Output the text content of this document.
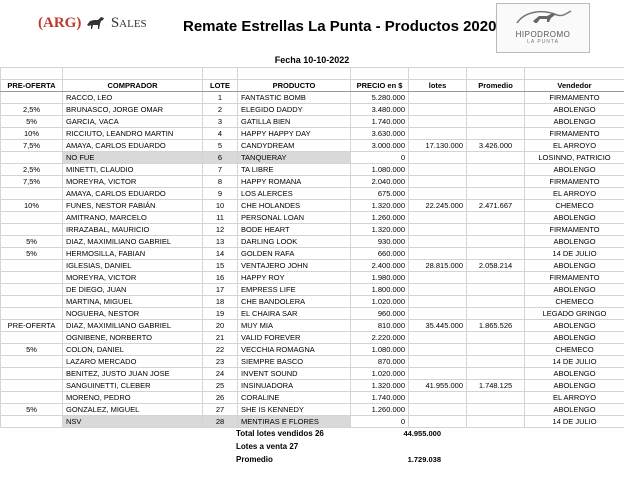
(ARG) Sales Remate Estrellas La Punta - Productos 2020	HIPODROMO
LA PUNTA
Fecha 10-10-2022

PRE-OFERTA	COMPRADOR	LOTE	PRODUCTO	PRECIO en $	lotes	Promedio	Vendedor
	RACCO, LEO	1	FANTASTIC BOMB	5.280.000			FIRMAMENTO
2,5%	BRUNASCO, JORGE OMAR	2	ELEGIDO DADDY	3.480.000			ABOLENGO
5%	GARCIA, VACA	3	GATILLA BIEN	1.740.000			ABOLENGO
10%	RICCIUTO, LEANDRO MARTIN	4	HAPPY HAPPY DAY	3.630.000			FIRMAMENTO
7,5%	AMAYA, CARLOS EDUARDO	5	CANDYDREAM	3.000.000	17.130.000	3.426.000	EL ARROYO
	NO FUE	6	TANQUERAY	0			LOSINNO, PATRICIO
2,5%	MINETTI, CLAUDIO	7	TA LIBRE	1.080.000			ABOLENGO
7,5%	MOREYRA, VICTOR	8	HAPPY ROMANA	2.040.000			FIRMAMENTO
	AMAYA, CARLOS EDUARDO	9	LOS ALERCES	675.000			EL ARROYO
10%	FUNES, NESTOR FABIÁN	10	CHE HOLANDES	1.320.000	22.245.000	2.471.667	CHEMECO
	AMITRANO, MARCELO	11	PERSONAL LOAN	1.260.000			ABOLENGO
	IRRAZABAL, MAURICIO	12	BODE HEART	1.320.000			FIRMAMENTO
5%	DIAZ, MAXIMILIANO GABRIEL	13	DARLING LOOK	930.000			ABOLENGO
5%	HERMOSILLA, FABIAN	14	GOLDEN RAFA	660.000			14 DE JULIO
	IGLESIAS, DANIEL	15	VENTAJERO JOHN	2.400.000	28.815.000	2.058.214	ABOLENGO
	MOREYRA, VICTOR	16	HAPPY ROY	1.980.000			FIRMAMENTO
	DE DIEGO, JUAN	17	EMPRESS LIFE	1.800.000			ABOLENGO
	MARTINA, MIGUEL	18	CHE BANDOLERA	1.020.000			CHEMECO
	NOGUERA, NESTOR	19	EL CHAIRA SAR	960.000			LEGADO GRINGO
PRE-OFERTA	DIAZ, MAXIMILIANO GABRIEL	20	MUY MIA	810.000	35.445.000	1.865.526	ABOLENGO
	OGNIBENE, NORBERTO	21	VALID FOREVER	2.220.000			ABOLENGO
5%	COLON, DANIEL	22	VECCHIA ROMAGNA	1.080.000			CHEMECO
	LAZARO MERCADO	23	SIEMPRE BASCO	870.000			14 DE JULIO
	BENITEZ, JUSTO JUAN JOSE	24	INVENT SOUND	1.020.000			ABOLENGO
	SANGUINETTI, CLEBER	25	INSINUADORA	1.320.000	41.955.000	1.748.125	ABOLENGO
	MORENO, PEDRO	26	CORALINE	1.740.000			EL ARROYO
5%	GONZALEZ, MIGUEL	27	SHE IS KENNEDY	1.260.000			ABOLENGO
	NSV	28	MENTIRAS E FLORES	0			14 DE JULIO
Total lotes vendidos 26	44.955.000
Lotes a venta 27
Promedio	1.729.038
